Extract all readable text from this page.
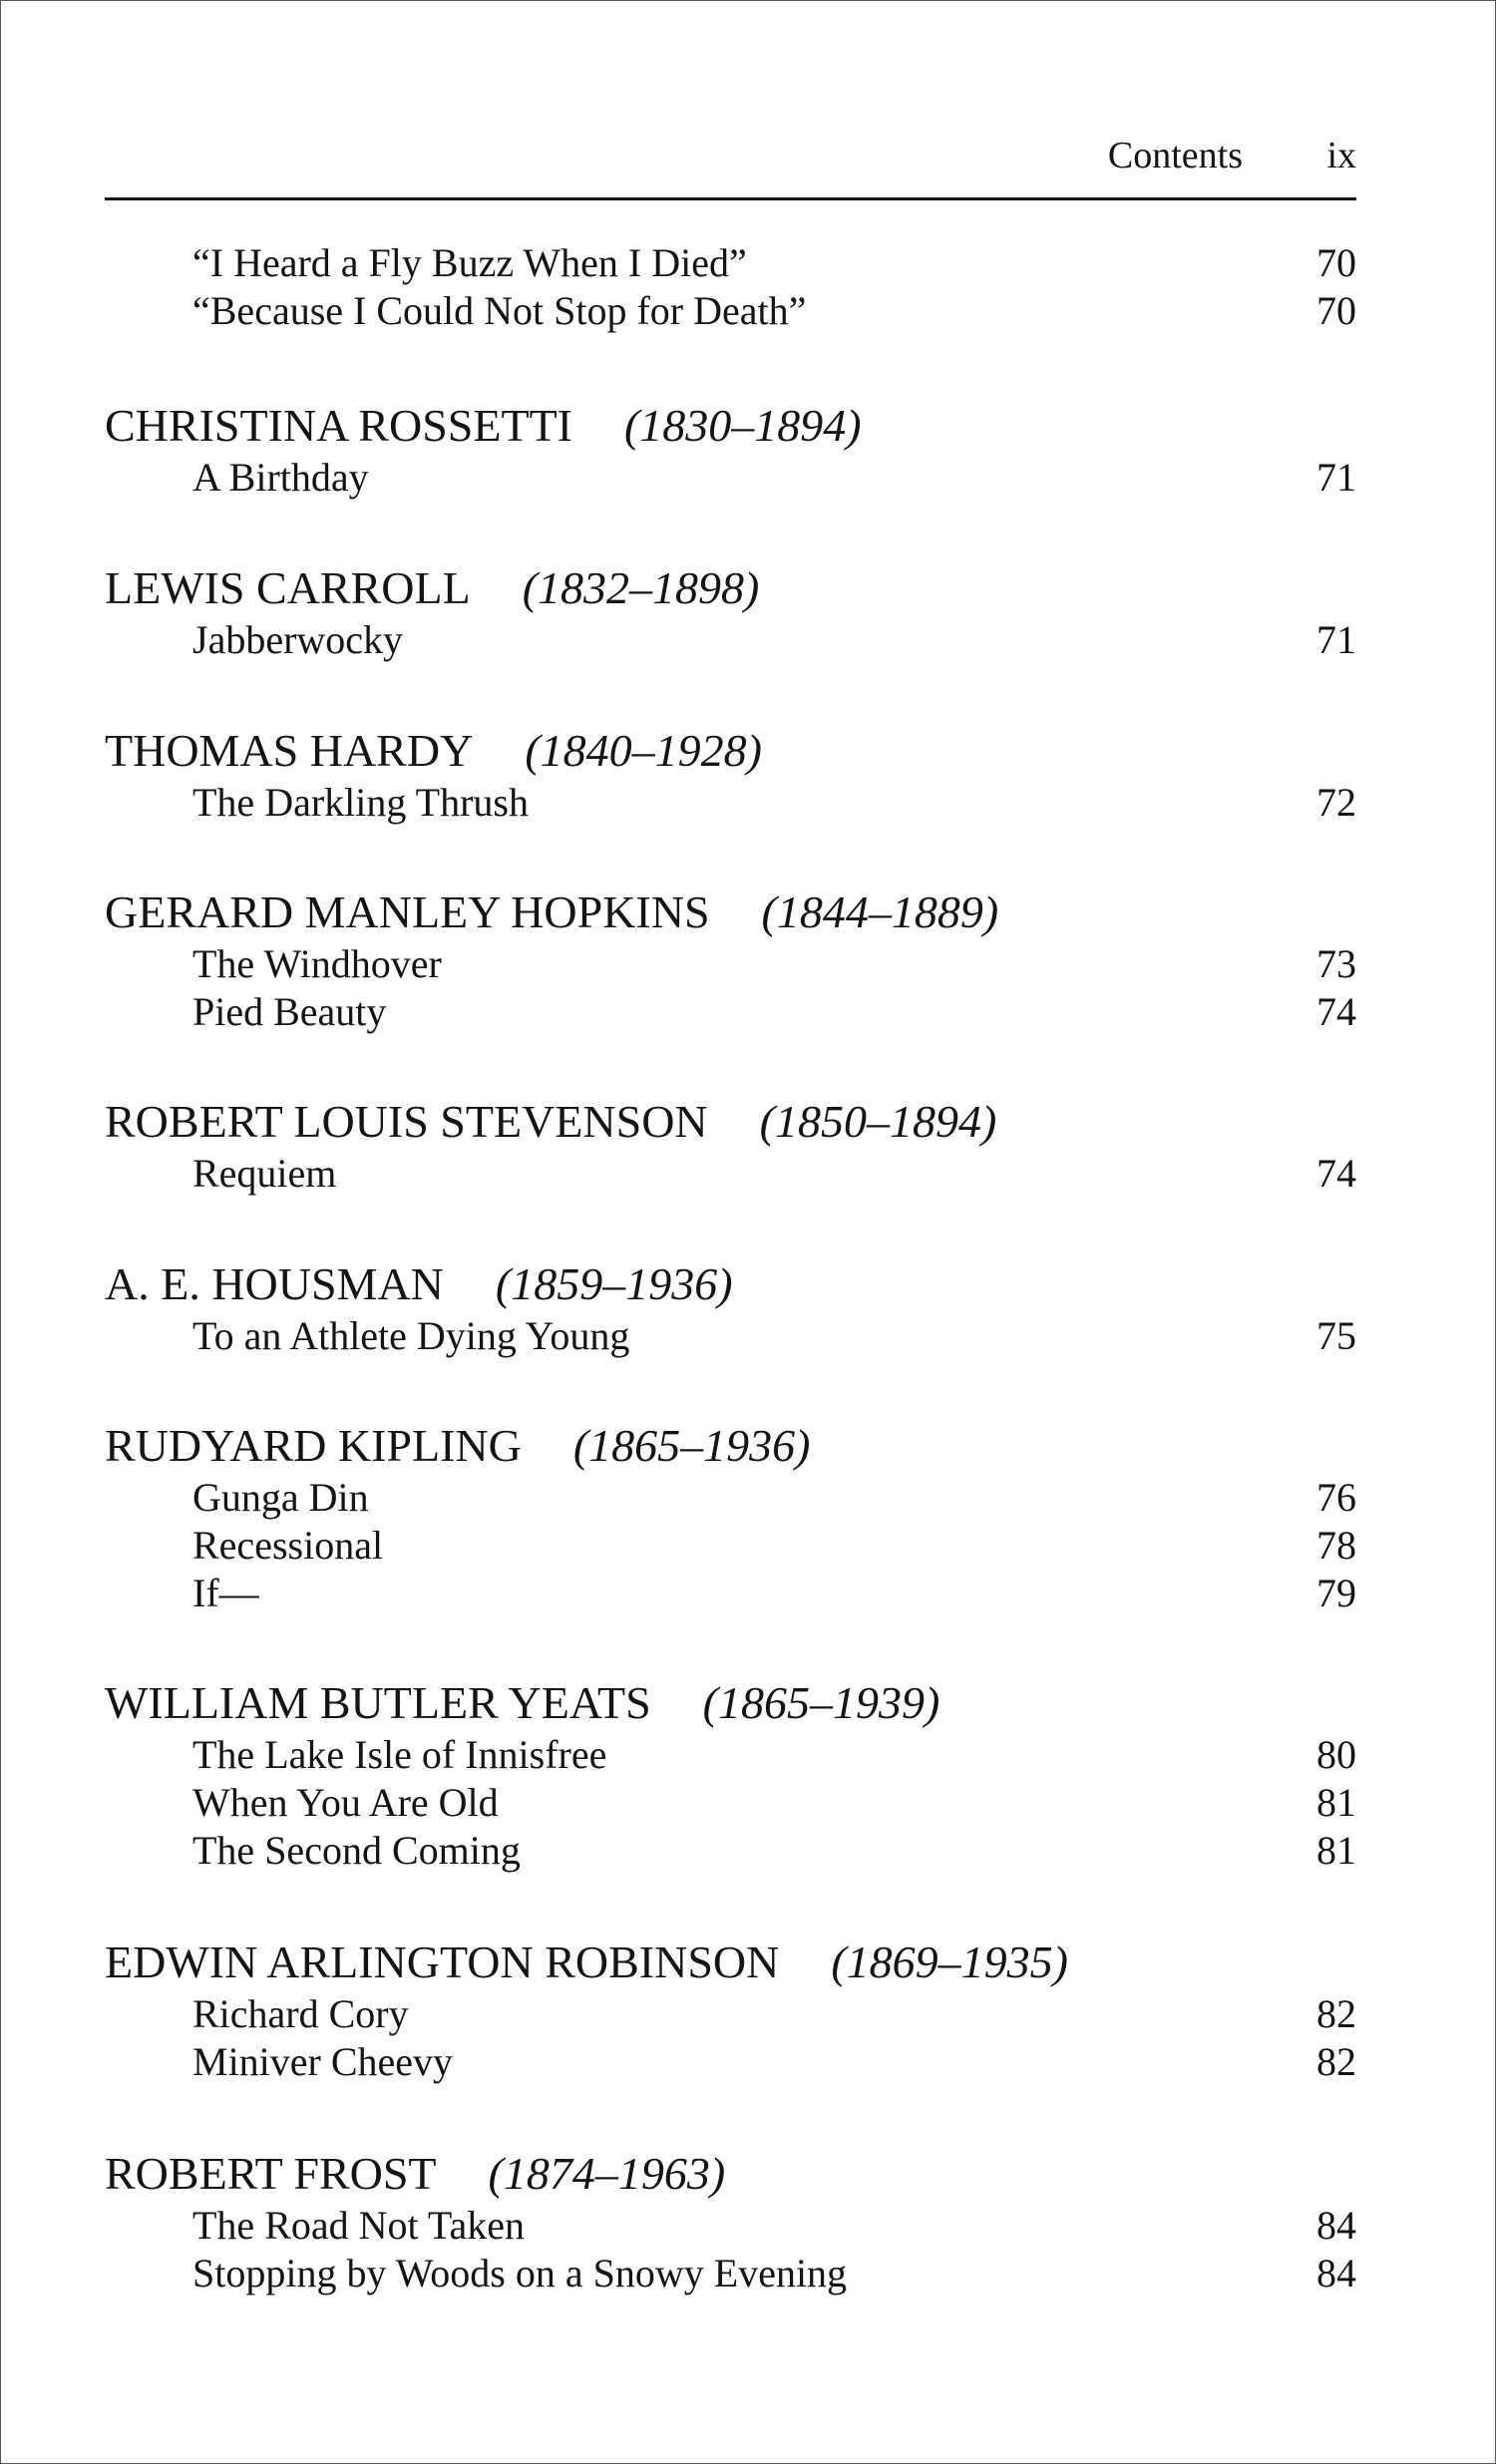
Contents ix
“I Heard a Fly Buzz When I Died”	70
“Because I Could Not Stop for Death”	70
CHRISTINA ROSSETTI (1830–1894)
A Birthday	71
LEWIS CARROLL (1832–1898)
Jabberwocky	71
THOMAS HARDY (1840–1928)
The Darkling Thrush	72
GERARD MANLEY HOPKINS (1844–1889)
The Windhover	73
Pied Beauty	74
ROBERT LOUIS STEVENSON (1850–1894)
Requiem	74
A. E. HOUSMAN (1859–1936)
To an Athlete Dying Young	75
RUDYARD KIPLING (1865–1936)
Gunga Din	76
Recessional	78
If—	79
WILLIAM BUTLER YEATS (1865–1939)
The Lake Isle of Innisfree	80
When You Are Old	81
The Second Coming	81
EDWIN ARLINGTON ROBINSON (1869–1935)
Richard Cory	82
Miniver Cheevy	82
ROBERT FROST (1874–1963)
The Road Not Taken	84
Stopping by Woods on a Snowy Evening	84
